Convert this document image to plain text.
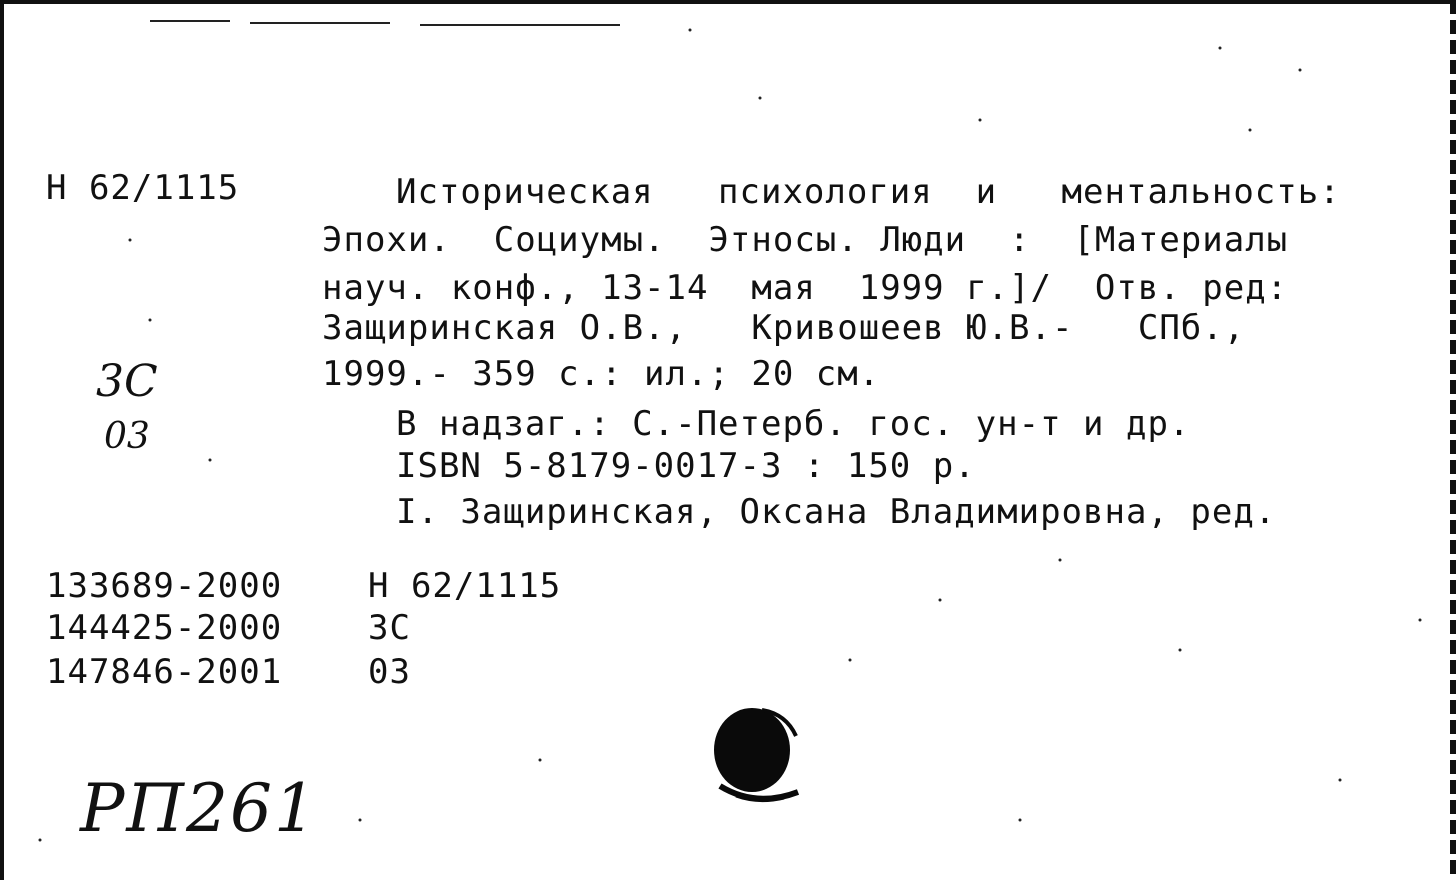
Н 62/1115	Историческая   психология  и   ментальность:
Эпохи.  Социумы.  Этносы. Люди  :  [Материалы
науч. конф., 13-14  мая  1999 г.]/  Отв. ред:
Защиринская О.В.,   Кривошеев Ю.В.-   СПб.,
1999.- 359 с.: ил.; 20 см.
В надзаг.: С.-Петерб. гос. ун-т и др.
ISBN 5-8179-0017-3 : 150 р.
I. Защиринская, Оксана Владимировна, ред.
133689-2000	Н 62/1115
144425-2000	3С
147846-2001	03
3С
03
РП261
